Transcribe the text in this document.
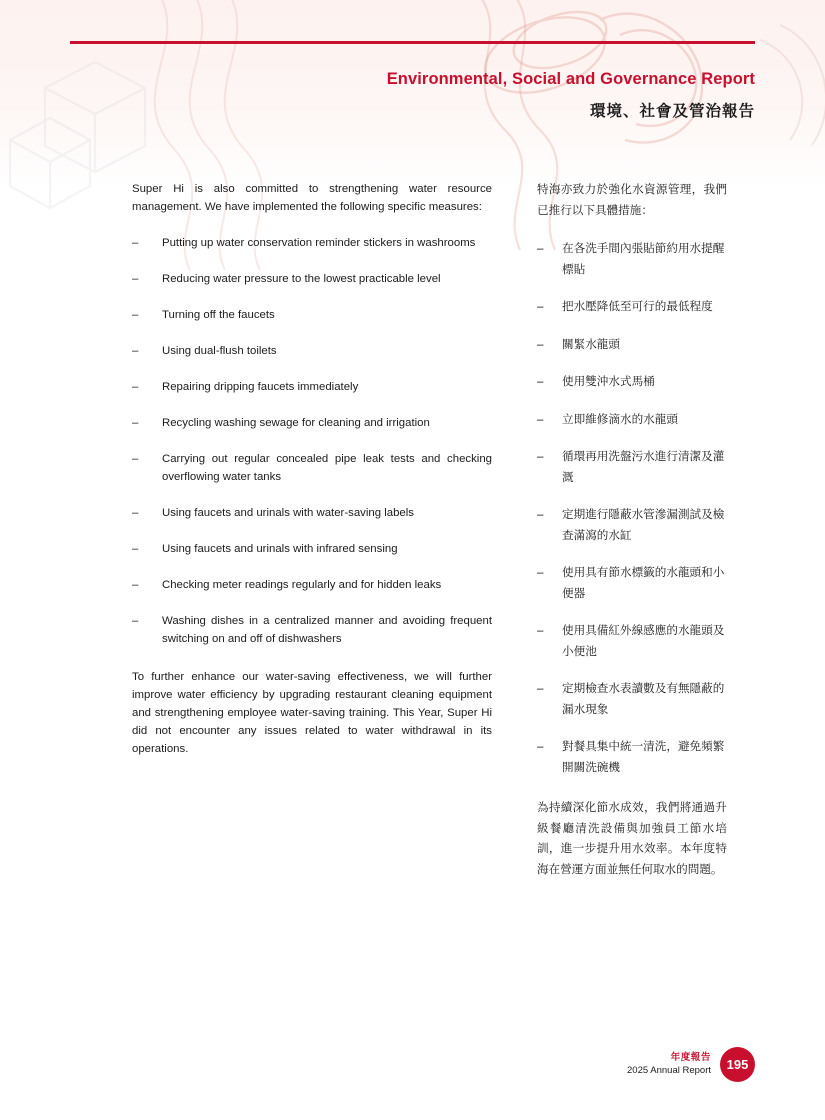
Environmental, Social and Governance Report
環境、社會及管治報告

Super Hi is also committed to strengthening water resource management. We have implemented the following specific measures:

–	Putting up water conservation reminder stickers in washrooms
–	Reducing water pressure to the lowest practicable level
–	Turning off the faucets
–	Using dual-flush toilets
–	Repairing dripping faucets immediately
–	Recycling washing sewage for cleaning and irrigation
–	Carrying out regular concealed pipe leak tests and checking overflowing water tanks
–	Using faucets and urinals with water-saving labels
–	Using faucets and urinals with infrared sensing
–	Checking meter readings regularly and for hidden leaks
–	Washing dishes in a centralized manner and avoiding frequent switching on and off of dishwashers

To further enhance our water-saving effectiveness, we will further improve water efficiency by upgrading restaurant cleaning equipment and strengthening employee water-saving training. This Year, Super Hi did not encounter any issues related to water withdrawal in its operations.

特海亦致力於強化水資源管理，我們已推行以下具體措施：

–	在各洗手間內張貼節約用水提醒標貼
–	把水壓降低至可行的最低程度
–	關緊水龍頭
–	使用雙沖水式馬桶
–	立即維修滴水的水龍頭
–	循環再用洗盤污水進行清潔及灌溉
–	定期進行隱蔽水管滲漏測試及檢查滿瀉的水缸
–	使用具有節水標籤的水龍頭和小便器
–	使用具備紅外線感應的水龍頭及小便池
–	定期檢查水表讀數及有無隱蔽的漏水現象
–	對餐具集中統一清洗，避免頻繁開關洗碗機

為持續深化節水成效，我們將通過升級餐廳清洗設備與加強員工節水培訓，進一步提升用水效率。本年度特海在營運方面並無任何取水的問題。

年度報告
2025 Annual Report	195
